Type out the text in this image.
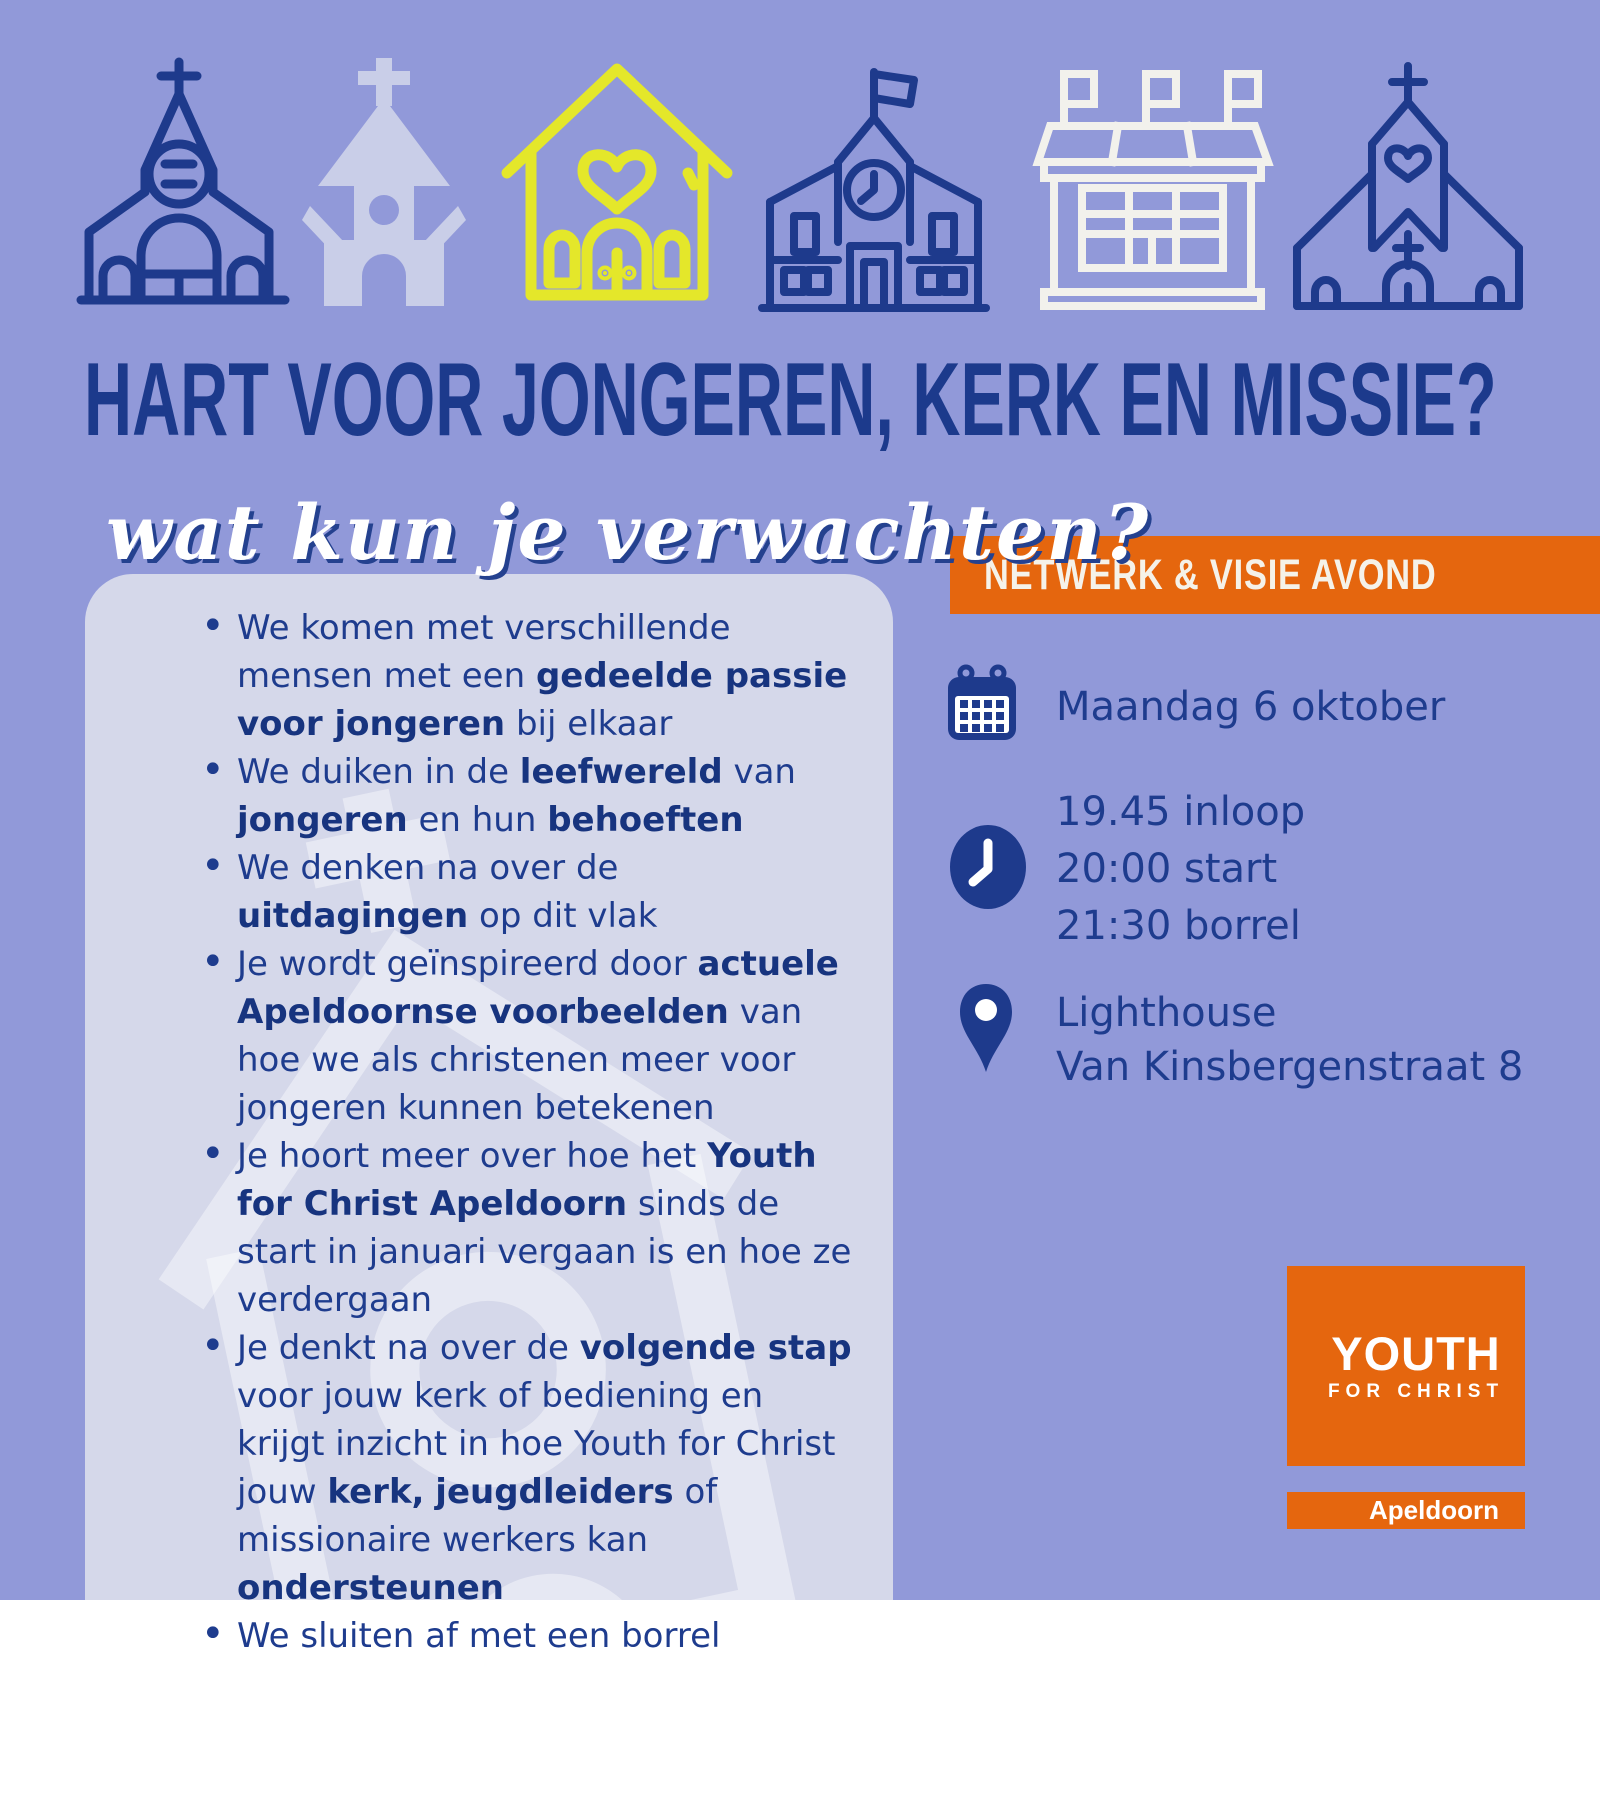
HART VOOR JONGEREN, KERK EN MISSIE?
wat kun je verwachten?
• We komen met verschillende mensen met een gedeelde passie voor jongeren bij elkaar
• We duiken in de leefwereld van jongeren en hun behoeften
• We denken na over de uitdagingen op dit vlak
• Je wordt geïnspireerd door actuele Apeldoornse voorbeelden van hoe we als christenen meer voor jongeren kunnen betekenen
• Je hoort meer over hoe het Youth for Christ Apeldoorn sinds de start in januari vergaan is en hoe ze verdergaan
• Je denkt na over de volgende stap voor jouw kerk of bediening en krijgt inzicht in hoe Youth for Christ jouw kerk, jeugdleiders of missionaire werkers kan ondersteunen
• We sluiten af met een borrel
NETWERK & VISIE AVOND
Maandag 6 oktober
19.45 inloop
20:00 start
21:30 borrel
Lighthouse
Van Kinsbergenstraat 8
YOUTH
FOR CHRIST
Apeldoorn
